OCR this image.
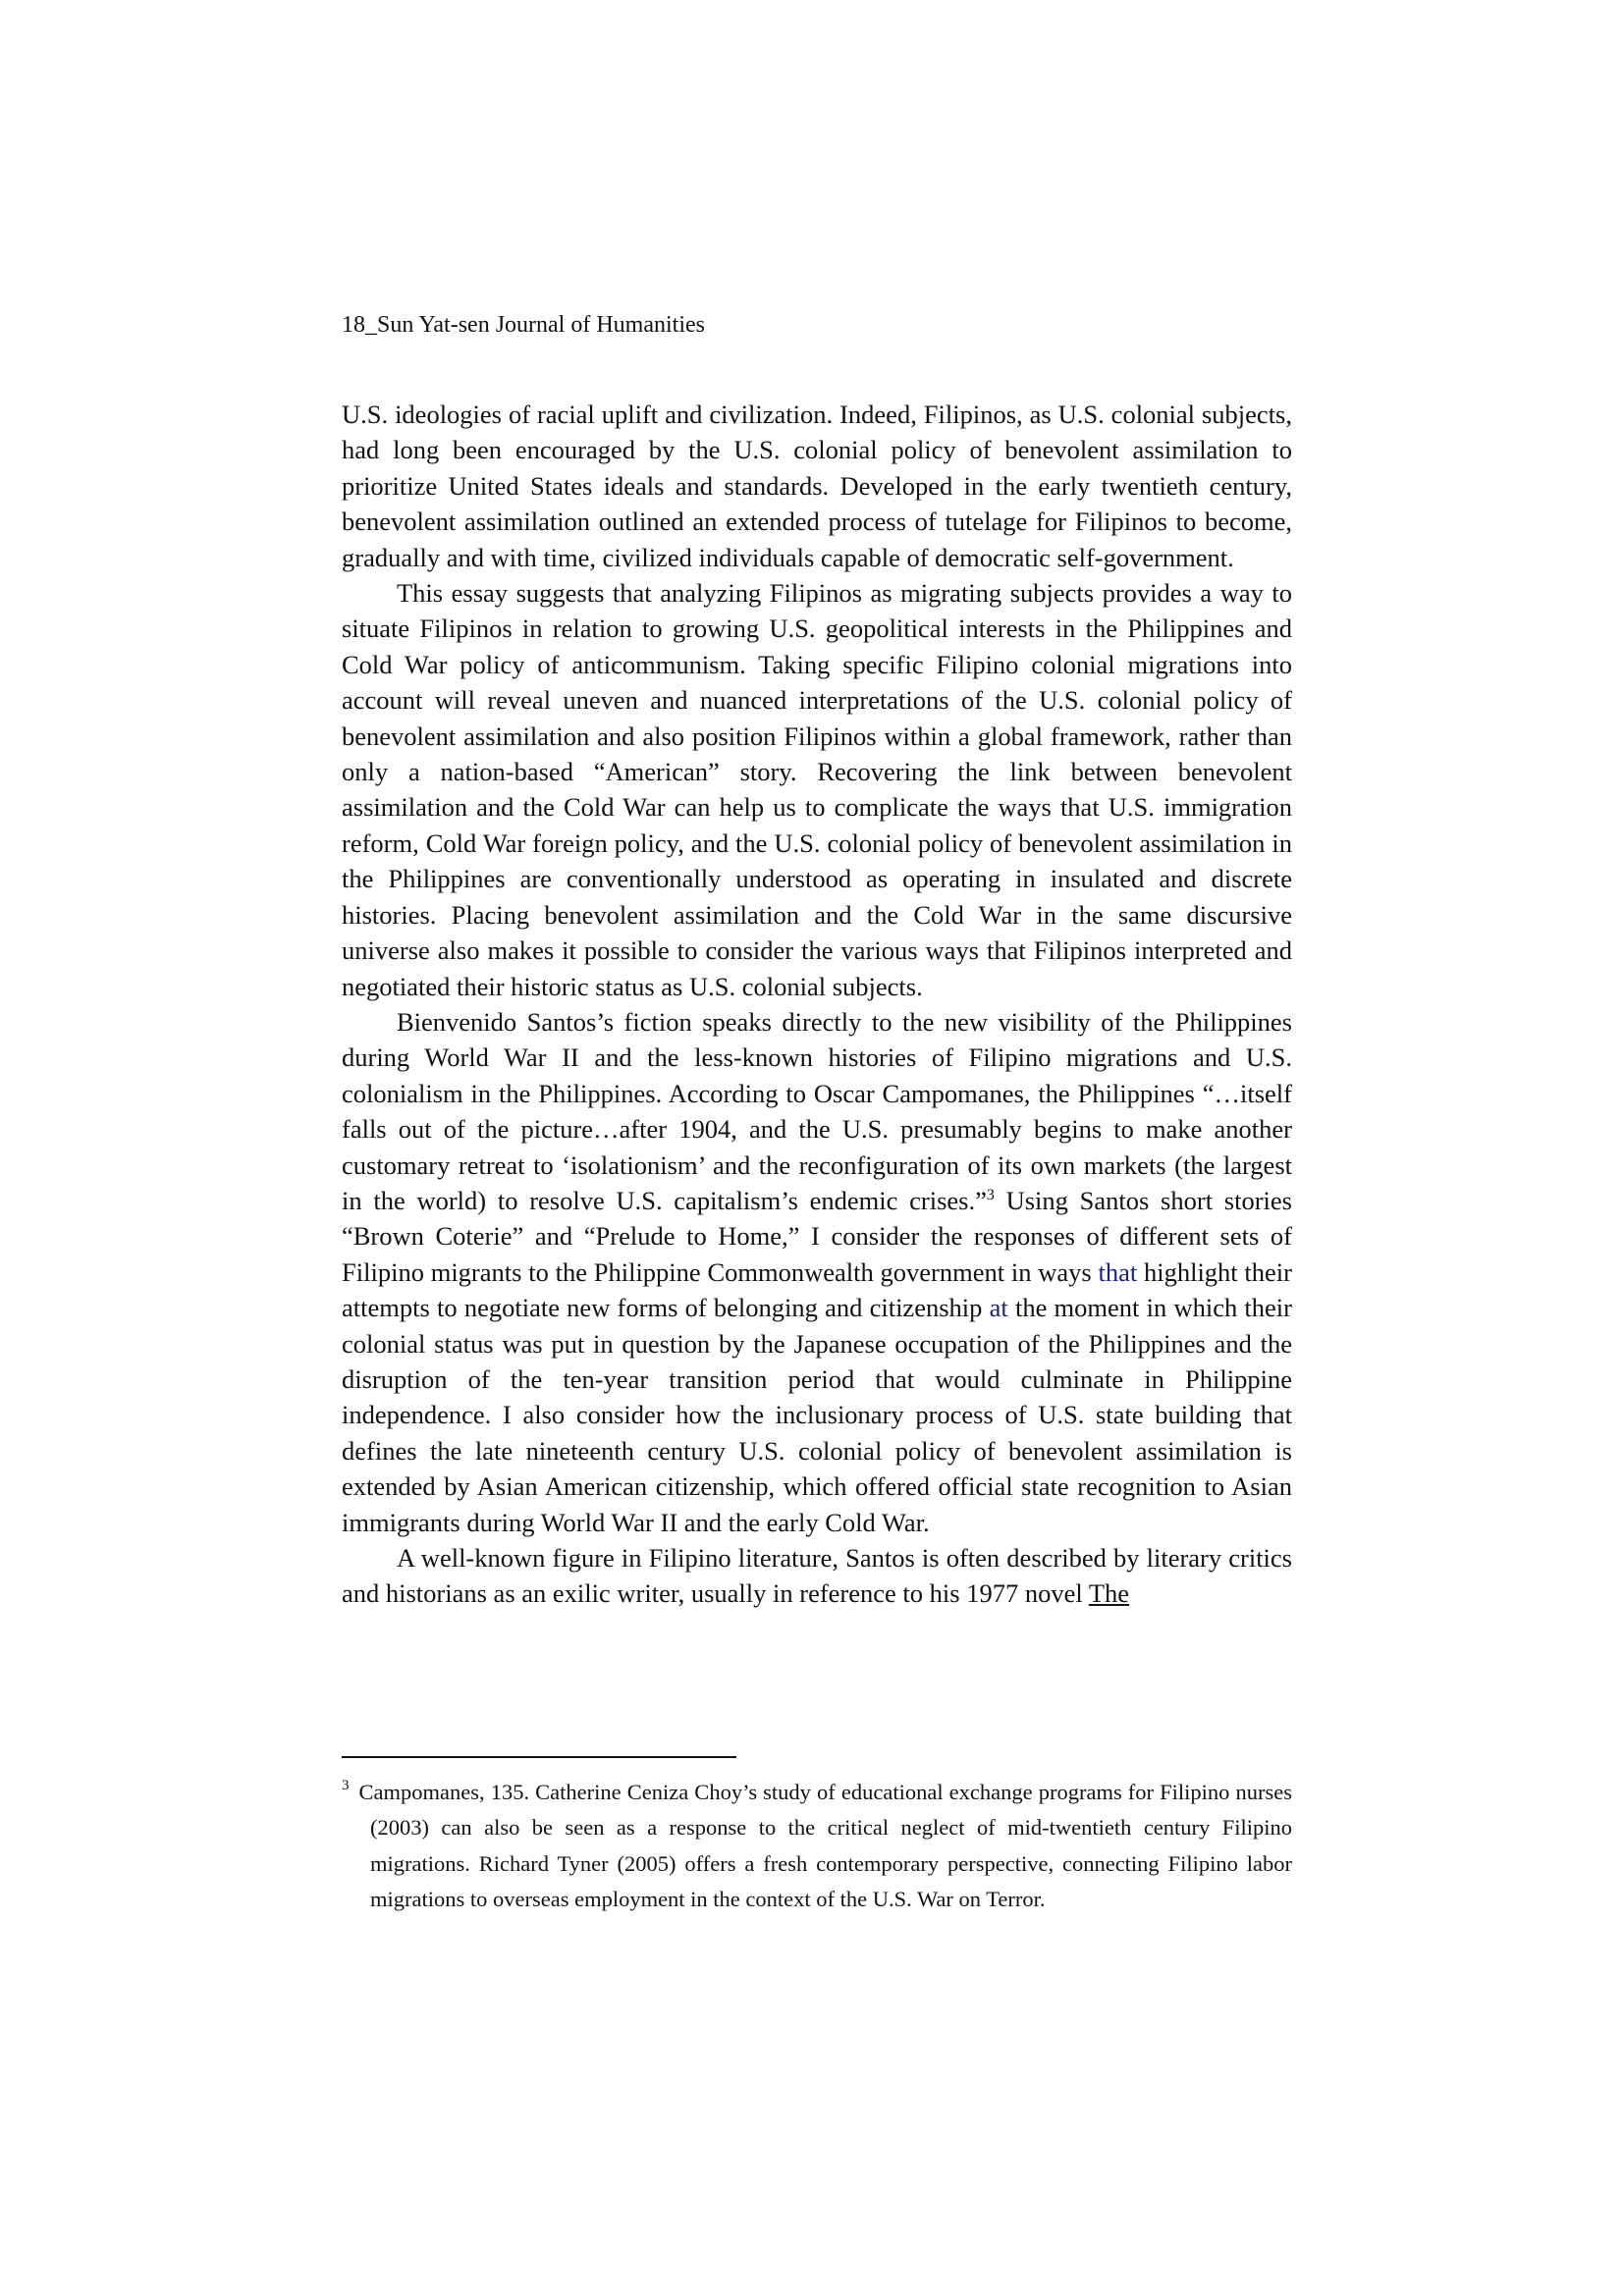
18_Sun Yat-sen Journal of Humanities

U.S. ideologies of racial uplift and civilization. Indeed, Filipinos, as U.S. colonial subjects, had long been encouraged by the U.S. colonial policy of benevolent assimilation to prioritize United States ideals and standards. Developed in the early twentieth century, benevolent assimilation outlined an extended process of tutelage for Filipinos to become, gradually and with time, civilized individuals capable of democratic self-government.

This essay suggests that analyzing Filipinos as migrating subjects provides a way to situate Filipinos in relation to growing U.S. geopolitical interests in the Philippines and Cold War policy of anticommunism. Taking specific Filipino colonial migrations into account will reveal uneven and nuanced interpretations of the U.S. colonial policy of benevolent assimilation and also position Filipinos within a global framework, rather than only a nation-based “American” story. Recovering the link between benevolent assimilation and the Cold War can help us to complicate the ways that U.S. immigration reform, Cold War foreign policy, and the U.S. colonial policy of benevolent assimilation in the Philippines are conventionally understood as operating in insulated and discrete histories. Placing benevolent assimilation and the Cold War in the same discursive universe also makes it possible to consider the various ways that Filipinos interpreted and negotiated their historic status as U.S. colonial subjects.

Bienvenido Santos’s fiction speaks directly to the new visibility of the Philippines during World War II and the less-known histories of Filipino migrations and U.S. colonialism in the Philippines. According to Oscar Campomanes, the Philippines “…itself falls out of the picture…after 1904, and the U.S. presumably begins to make another customary retreat to ‘isolationism’ and the reconfiguration of its own markets (the largest in the world) to resolve U.S. capitalism’s endemic crises.”$^3$ Using Santos short stories “Brown Coterie” and “Prelude to Home,” I consider the responses of different sets of Filipino migrants to the Philippine Commonwealth government in ways that highlight their attempts to negotiate new forms of belonging and citizenship at the moment in which their colonial status was put in question by the Japanese occupation of the Philippines and the disruption of the ten-year transition period that would culminate in Philippine independence. I also consider how the inclusionary process of U.S. state building that defines the late nineteenth century U.S. colonial policy of benevolent assimilation is extended by Asian American citizenship, which offered official state recognition to Asian immigrants during World War II and the early Cold War.

A well-known figure in Filipino literature, Santos is often described by literary critics and historians as an exilic writer, usually in reference to his 1977 novel The

$^3$ Campomanes, 135. Catherine Ceniza Choy’s study of educational exchange programs for Filipino nurses (2003) can also be seen as a response to the critical neglect of mid-twentieth century Filipino migrations. Richard Tyner (2005) offers a fresh contemporary perspective, connecting Filipino labor migrations to overseas employment in the context of the U.S. War on Terror.
